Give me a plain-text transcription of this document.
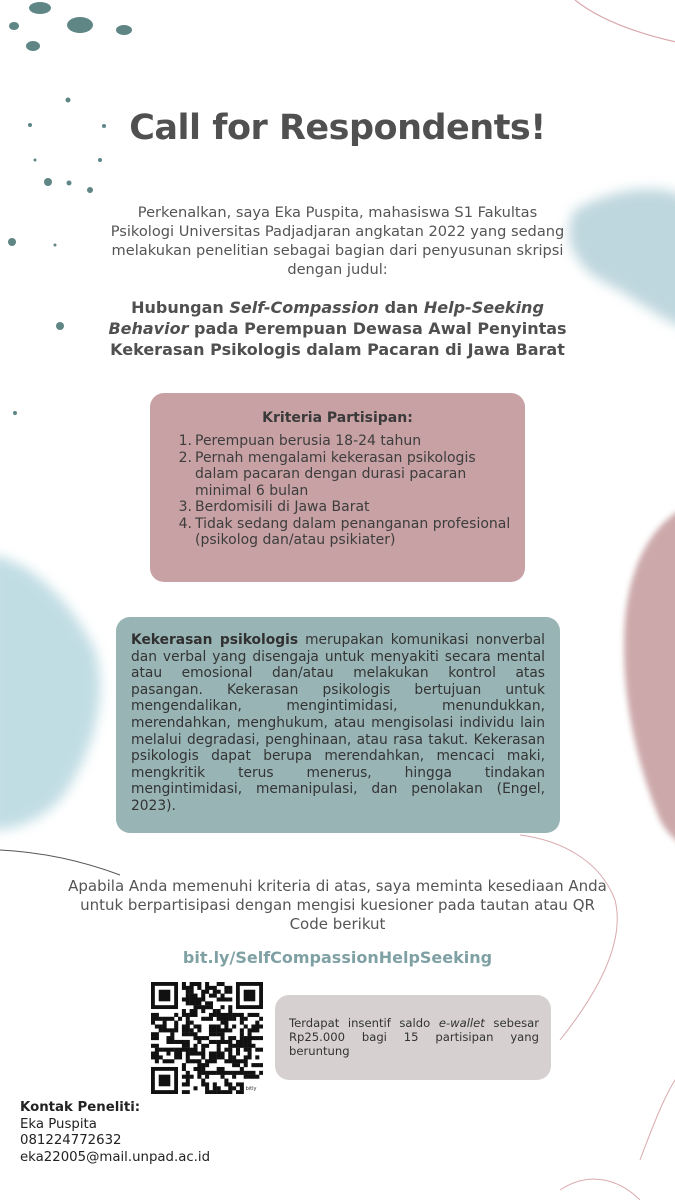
Call for Respondents!
Perkenalkan, saya Eka Puspita, mahasiswa S1 Fakultas Psikologi Universitas Padjadjaran angkatan 2022 yang sedang melakukan penelitian sebagai bagian dari penyusunan skripsi dengan judul:
Hubungan Self-Compassion dan Help-Seeking Behavior pada Perempuan Dewasa Awal Penyintas Kekerasan Psikologis dalam Pacaran di Jawa Barat
Kriteria Partisipan:
1. Perempuan berusia 18-24 tahun
2. Pernah mengalami kekerasan psikologis dalam pacaran dengan durasi pacaran minimal 6 bulan
3. Berdomisili di Jawa Barat
4. Tidak sedang dalam penanganan profesional (psikolog dan/atau psikiater)

Kekerasan psikologis merupakan komunikasi nonverbal dan verbal yang disengaja untuk menyakiti secara mental atau emosional dan/atau melakukan kontrol atas pasangan. Kekerasan psikologis bertujuan untuk mengendalikan, mengintimidasi, menundukkan, merendahkan, menghukum, atau mengisolasi individu lain melalui degradasi, penghinaan, atau rasa takut. Kekerasan psikologis dapat berupa merendahkan, mencaci maki, mengkritik terus menerus, hingga tindakan mengintimidasi, memanipulasi, dan penolakan (Engel, 2023).

Apabila Anda memenuhi kriteria di atas, saya meminta kesediaan Anda untuk berpartisipasi dengan mengisi kuesioner pada tautan atau QR Code berikut
bit.ly/SelfCompassionHelpSeeking
bitly

Terdapat insentif saldo e-wallet sebesar Rp25.000 bagi 15 partisipan yang beruntung

Kontak Peneliti:
Eka Puspita
081224772632
eka22005@mail.unpad.ac.id
